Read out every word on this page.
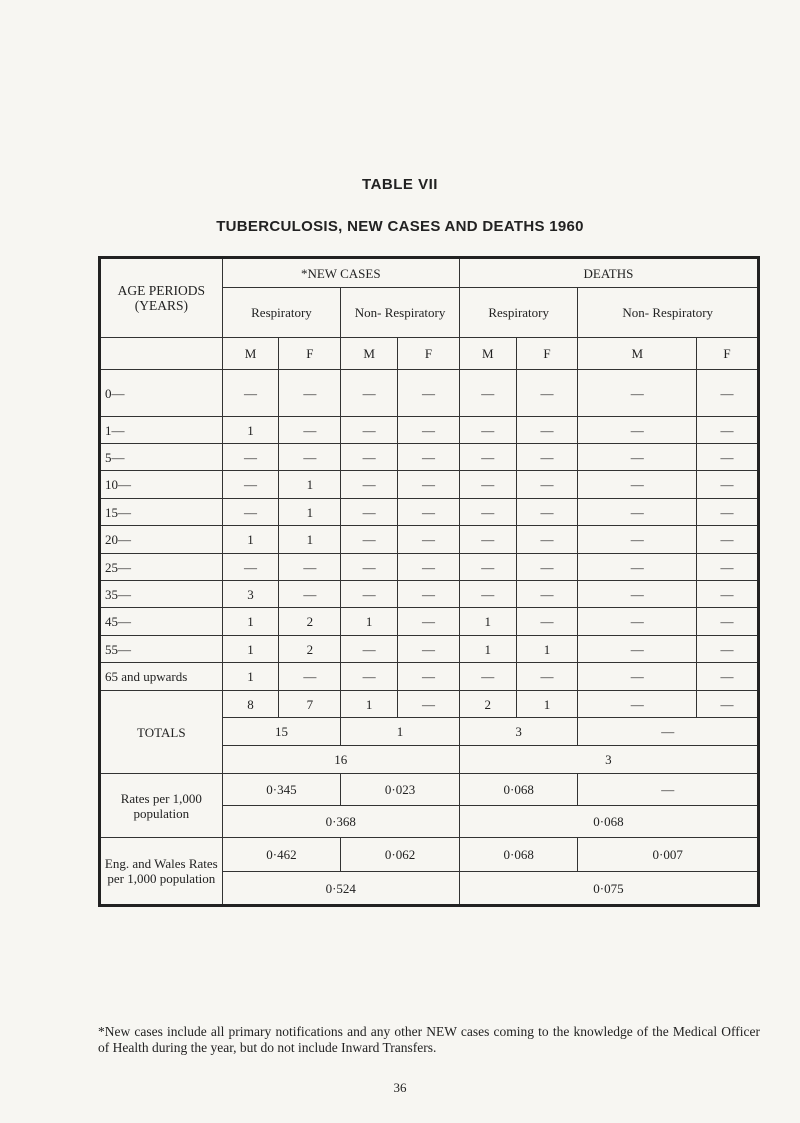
TABLE VII
TUBERCULOSIS, NEW CASES AND DEATHS 1960
AGE PERIODS (YEARS)	*NEW CASES				DEATHS			
	Respiratory		Non- Respiratory		Respiratory		Non- Respiratory	
	M	F	M	F	M	F	M	F
0—	—	—	—	—	—	—	—	—
1—	1	—	—	—	—	—	—	—
5—	—	—	—	—	—	—	—	—
10—	—	1	—	—	—	—	—	—
15—	—	1	—	—	—	—	—	—
20—	1	1	—	—	—	—	—	—
25—	—	—	—	—	—	—	—	—
35—	3	—	—	—	—	—	—	—
45—	1	2	1	—	1	—	—	—
55—	1	2	—	—	1	1	—	—
65 and upwards	1	—	—	—	—	—	—	—
TOTALS	8	7	1	—	2	1	—	—
	15		1		3		—	
	16				3			
Rates per 1,000 population	0·345		0·023		0·068		—	
	0·368				0·068			
Eng. and Wales Rates per 1,000 population	0·462		0·062		0·068		0·007	
	0·524				0·075			
*New cases include all primary notifications and any other NEW cases coming to the knowledge of the Medical Officer of Health during the year, but do not include Inward Transfers.
36
